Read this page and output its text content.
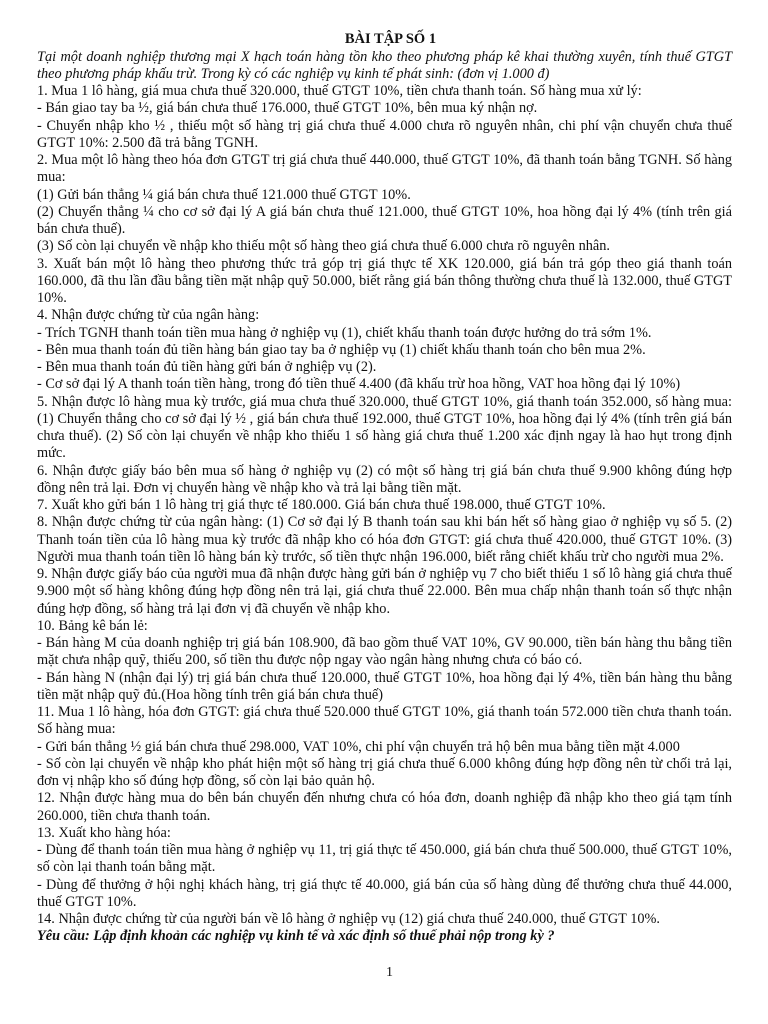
BÀI TẬP SỐ 1

Tại một doanh nghiệp thương mại X hạch toán hàng tồn kho theo phương pháp kê khai thường xuyên, tính thuế GTGT theo phương pháp khấu trừ. Trong kỳ có các nghiệp vụ kinh tế phát sinh: (đơn vị 1.000 đ)

1. Mua 1 lô hàng, giá mua chưa thuế 320.000, thuế GTGT 10%, tiền chưa thanh toán. Số hàng mua xử lý:

- Bán giao tay ba ½, giá bán chưa thuế 176.000, thuế GTGT 10%, bên mua ký nhận nợ.

- Chuyển nhập kho ½ , thiếu một số hàng trị giá chưa thuế 4.000 chưa rõ nguyên nhân, chi phí vận chuyển chưa thuế GTGT 10%: 2.500 đã trả bằng TGNH.

2. Mua một lô hàng theo hóa đơn GTGT trị giá chưa thuế 440.000, thuế GTGT 10%, đã thanh toán bằng TGNH. Số hàng mua:

(1) Gửi bán thẳng ¼ giá bán chưa thuế 121.000 thuế GTGT 10%.

(2) Chuyển thẳng ¼ cho cơ sở đại lý A giá bán chưa thuế 121.000, thuế GTGT 10%, hoa hồng đại lý 4% (tính trên giá bán chưa thuế).

(3) Số còn lại chuyển về nhập kho thiếu một số hàng theo giá chưa thuế 6.000 chưa rõ nguyên nhân.

3. Xuất bán một lô hàng theo phương thức trả góp trị giá thực tế XK 120.000, giá bán trả góp theo giá thanh toán 160.000, đã thu lần đầu bằng tiền mặt nhập quỹ 50.000, biết rằng giá bán thông thường chưa thuế là 132.000, thuế GTGT 10%.

4. Nhận được chứng từ của ngân hàng:

- Trích TGNH thanh toán tiền mua hàng ở nghiệp vụ (1), chiết khấu thanh toán được hưởng do trả sớm 1%.

- Bên mua thanh toán đủ tiền hàng bán giao tay ba ở nghiệp vụ (1) chiết khấu thanh toán cho bên mua 2%.

- Bên mua thanh toán đủ tiền hàng gửi bán ở nghiệp vụ (2).

- Cơ sở đại lý A thanh toán tiền hàng, trong đó tiền thuế 4.400 (đã khấu trừ hoa hồng, VAT hoa hồng đại lý 10%)

5. Nhận được lô hàng mua kỳ trước, giá mua chưa thuế 320.000, thuế GTGT 10%, giá thanh toán 352.000, số hàng mua: (1) Chuyển thẳng cho cơ sở đại lý ½ , giá bán chưa thuế 192.000, thuế GTGT 10%, hoa hồng đại lý 4% (tính trên giá bán chưa thuế). (2) Số còn lại chuyển về nhập kho thiếu 1 số hàng giá chưa thuế 1.200 xác định ngay là hao hụt trong định mức.

6. Nhận được giấy báo bên mua số hàng ở nghiệp vụ (2) có một số hàng trị giá bán chưa thuế 9.900 không đúng hợp đồng nên trả lại. Đơn vị chuyển hàng về nhập kho và trả lại bằng tiền mặt.

7. Xuất kho gửi bán 1 lô hàng trị giá thực tế 180.000. Giá bán chưa thuế 198.000, thuế GTGT 10%.

8. Nhận được chứng từ của ngân hàng: (1) Cơ sở đại lý B thanh toán sau khi bán hết số hàng giao ở nghiệp vụ số 5. (2) Thanh toán tiền của lô hàng mua kỳ trước đã nhập kho có hóa đơn GTGT: giá chưa thuế 420.000, thuế GTGT 10%. (3) Người mua thanh toán tiền lô hàng bán kỳ trước, số tiền thực nhận 196.000, biết rằng chiết khấu trừ cho người mua 2%.

9. Nhận được giấy báo của người mua đã nhận được hàng gửi bán ở nghiệp vụ 7 cho biết thiếu 1 số lô hàng giá chưa thuế 9.900 một số hàng không đúng hợp đồng nên trả lại, giá chưa thuế 22.000. Bên mua chấp nhận thanh toán số thực nhận đúng hợp đồng, số hàng trả lại đơn vị đã chuyển về nhập kho.

10. Bảng kê bán lẻ:

- Bán hàng M của doanh nghiệp trị giá bán 108.900, đã bao gồm thuế VAT 10%, GV 90.000, tiền bán hàng thu bằng tiền mặt chưa nhập quỹ, thiếu 200, số tiền thu được nộp ngay vào ngân hàng nhưng chưa có báo có.

- Bán hàng N (nhận đại lý) trị giá bán chưa thuế 120.000, thuế GTGT 10%, hoa hồng đại lý 4%, tiền bán hàng thu bằng tiền mặt nhập quỹ đủ.(Hoa hồng tính trên giá bán chưa thuế)

11. Mua 1 lô hàng, hóa đơn GTGT: giá chưa thuế 520.000 thuế GTGT 10%, giá thanh toán 572.000 tiền chưa thanh toán. Số hàng mua:

- Gửi bán thẳng ½ giá bán chưa thuế 298.000, VAT 10%, chi phí vận chuyển trả hộ bên mua bằng tiền mặt 4.000

- Số còn lại chuyển về nhập kho phát hiện một số hàng trị giá chưa thuế 6.000 không đúng hợp đồng nên từ chối trả lại, đơn vị nhập kho số đúng hợp đồng, số còn lại bảo quản hộ.

12. Nhận được hàng mua do bên bán chuyển đến nhưng chưa có hóa đơn, doanh nghiệp đã nhập kho theo giá tạm tính 260.000, tiền chưa thanh toán.

13. Xuất kho hàng hóa:

- Dùng để thanh toán tiền mua hàng ở nghiệp vụ 11, trị giá thực tế 450.000, giá bán chưa thuế 500.000, thuế GTGT 10%, số còn lại thanh toán bằng mặt.

- Dùng để thưởng ở hội nghị khách hàng, trị giá thực tế 40.000, giá bán của số hàng dùng để thưởng chưa thuế 44.000, thuế GTGT 10%.

14. Nhận được chứng từ của người bán về lô hàng ở nghiệp vụ (12) giá chưa thuế 240.000, thuế GTGT 10%.

Yêu cầu: Lập định khoản các nghiệp vụ kinh tế và xác định số thuế phải nộp trong kỳ ?

1
